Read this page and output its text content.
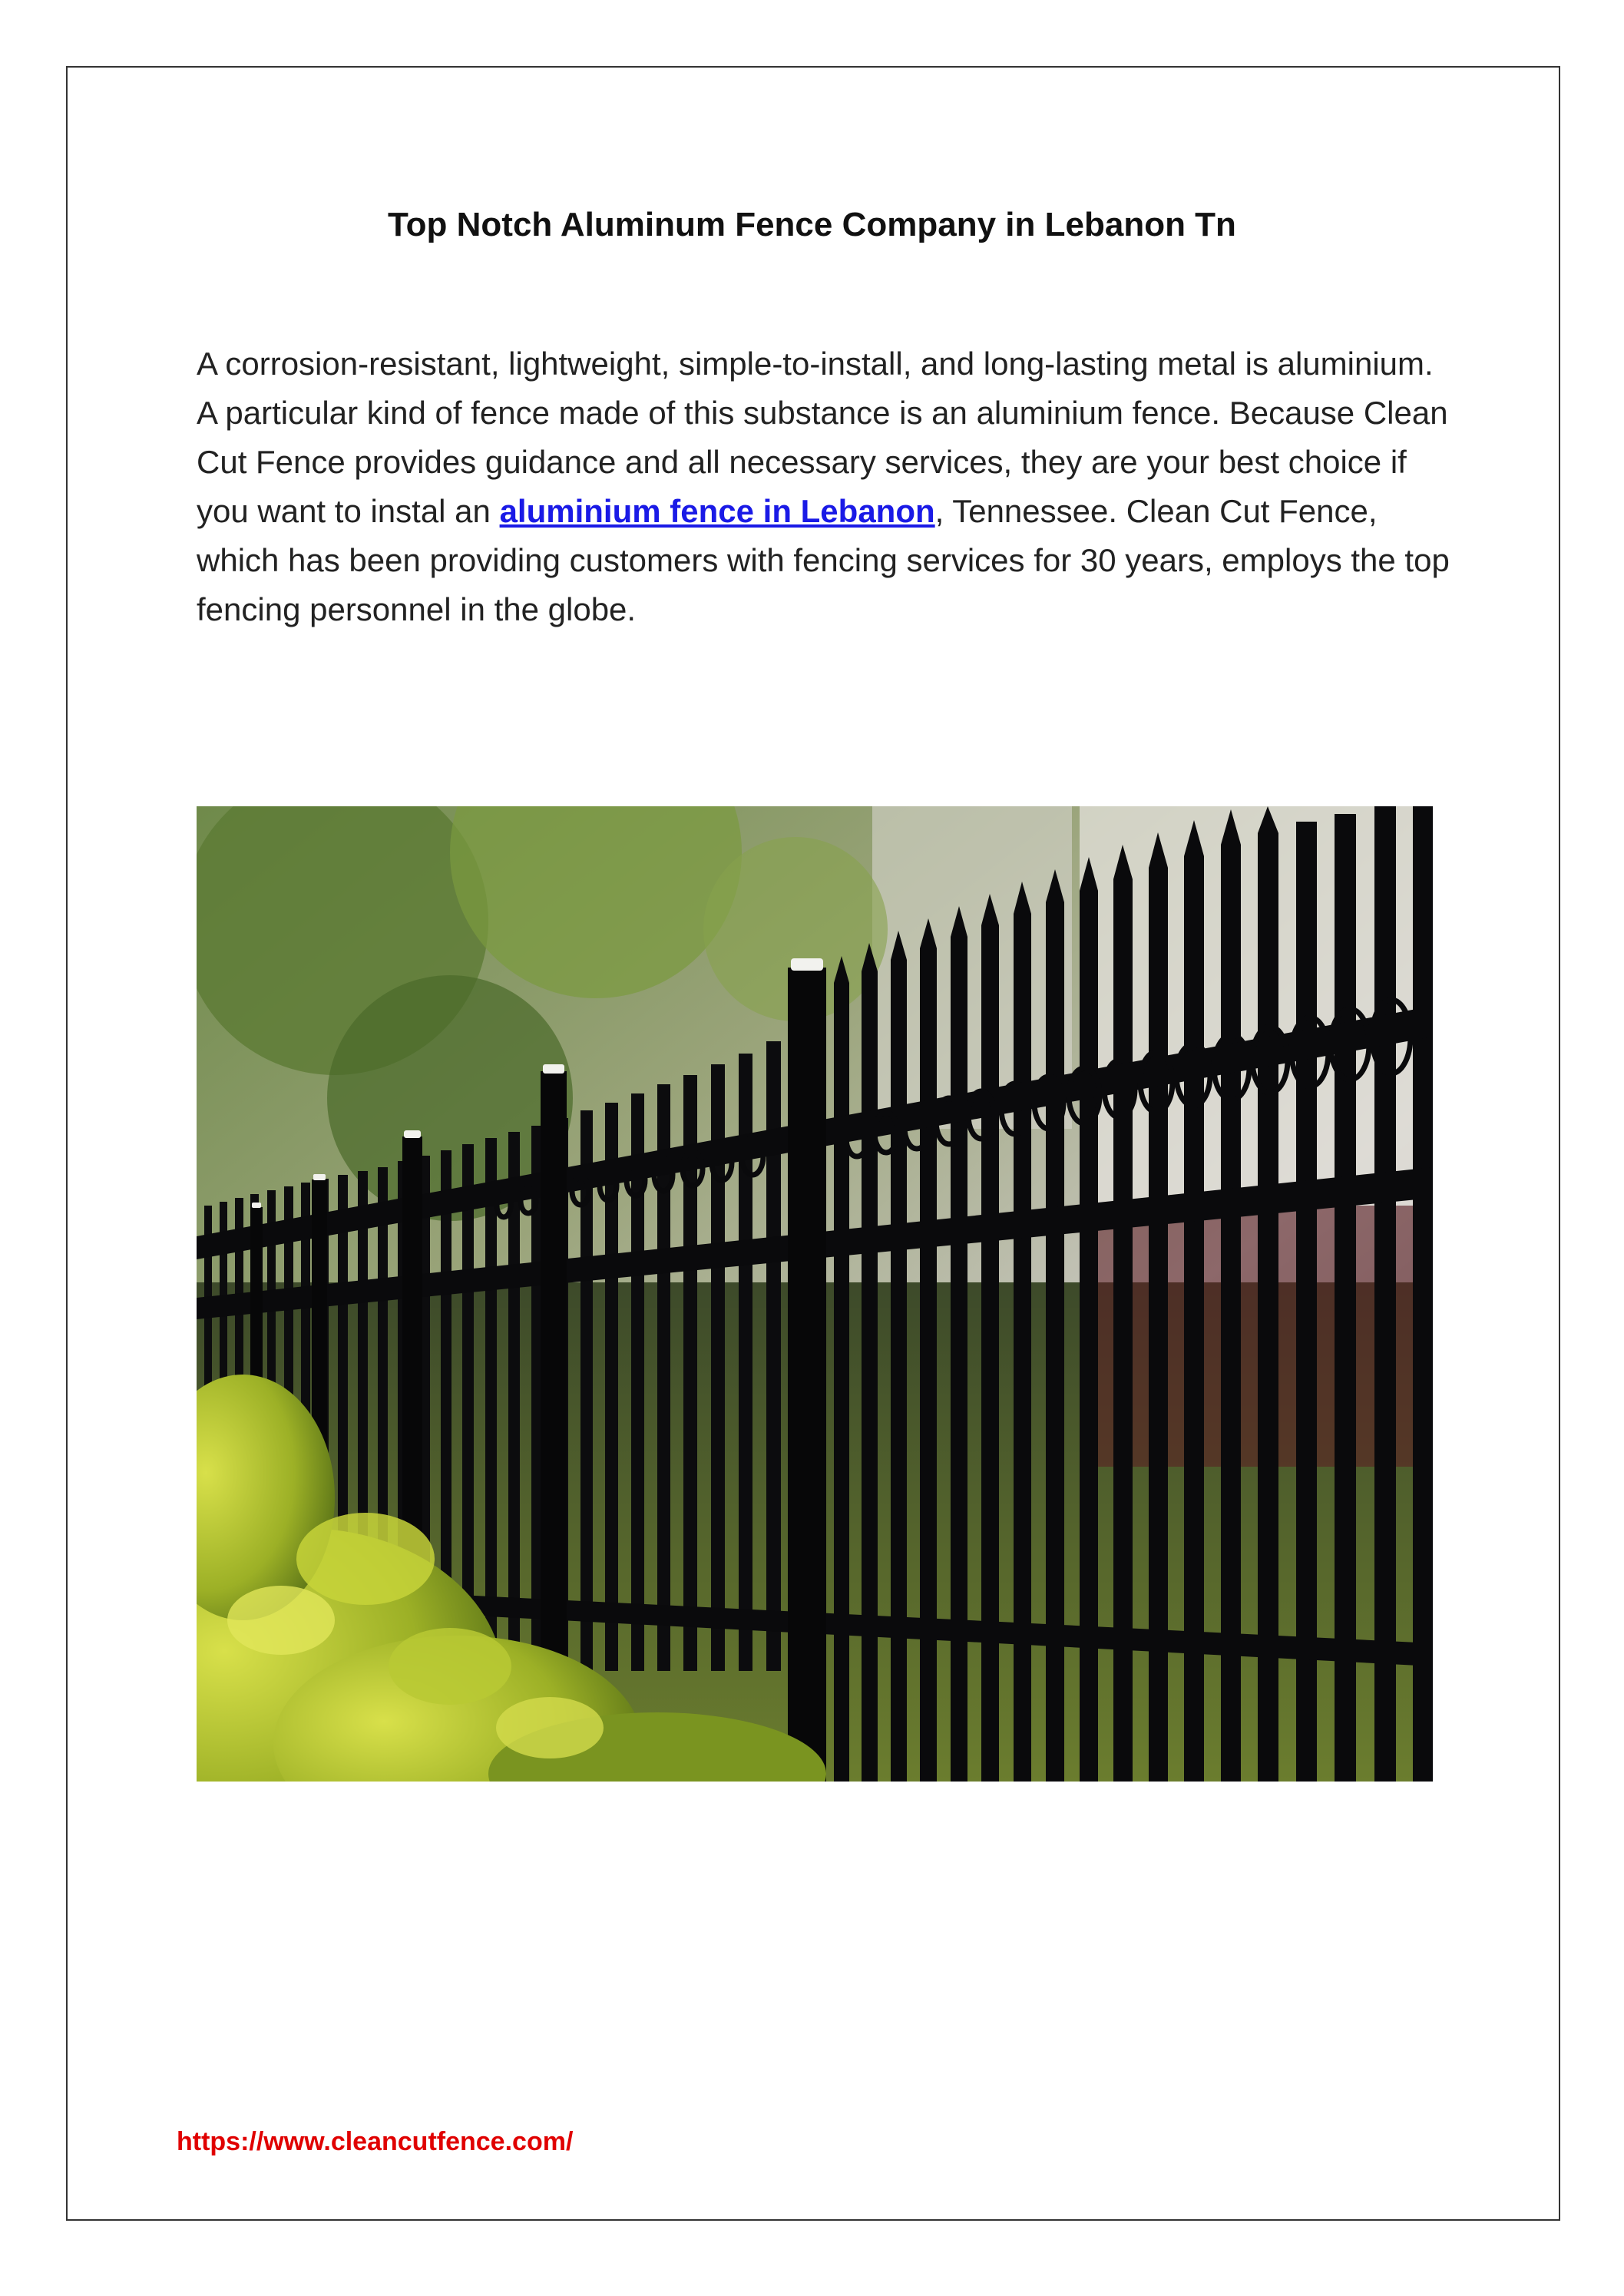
Top Notch Aluminum Fence Company in Lebanon Tn

A corrosion-resistant, lightweight, simple-to-install, and long-lasting metal is aluminium. A particular kind of fence made of this substance is an aluminium fence. Because Clean Cut Fence provides guidance and all necessary services, they are your best choice if you want to instal an aluminium fence in Lebanon, Tennessee. Clean Cut Fence, which has been providing customers with fencing services for 30 years, employs the top fencing personnel in the globe.

https://www.cleancutfence.com/
